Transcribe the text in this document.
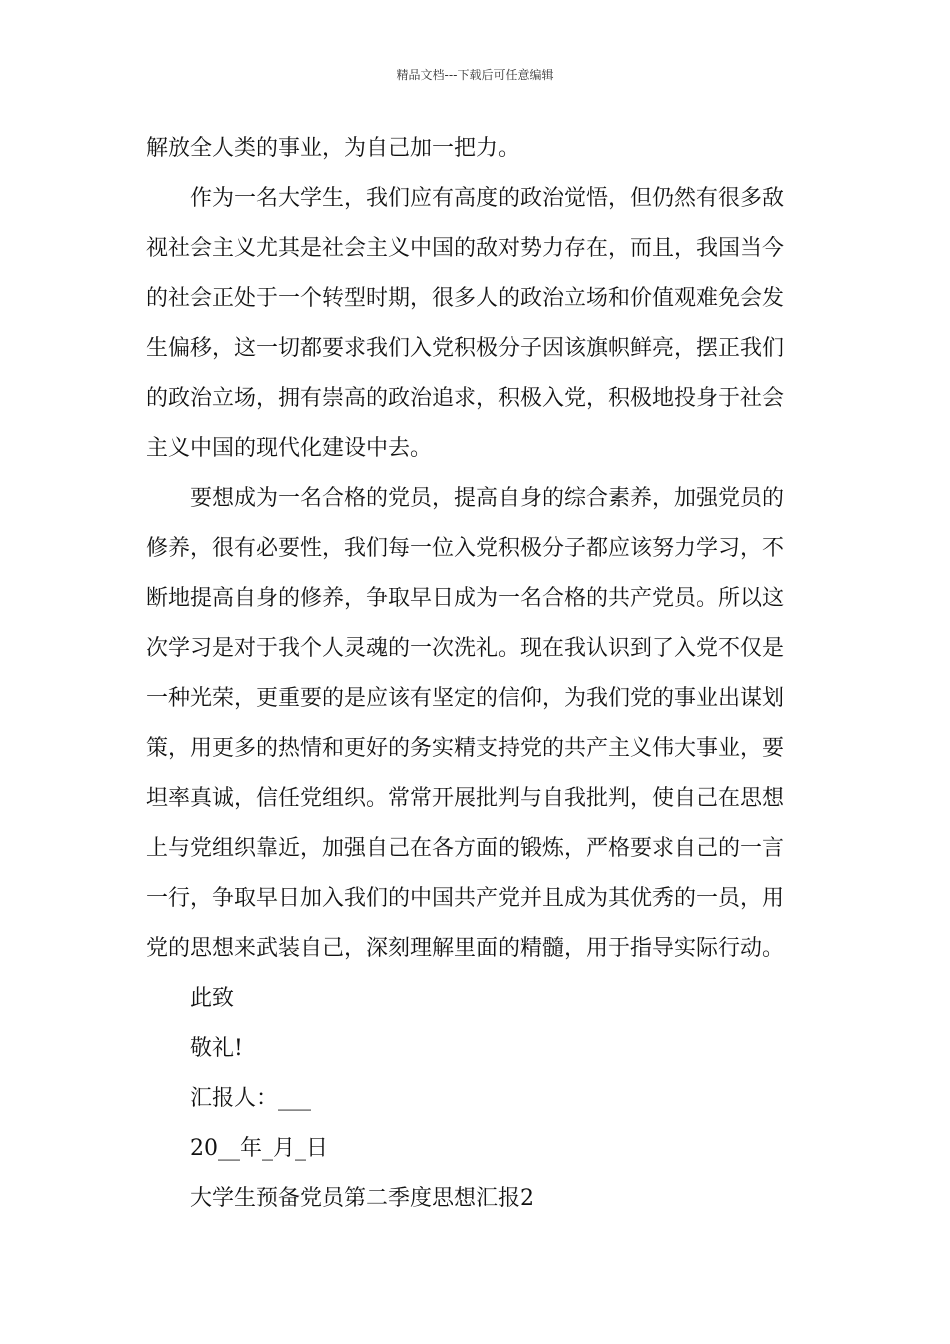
精品文档---下载后可任意编辑
解放全人类的事业，为自己加一把力。
作为一名大学生，我们应有高度的政治觉悟，但仍然有很多敌
视社会主义尤其是社会主义中国的敌对势力存在，而且，我国当今
的社会正处于一个转型时期，很多人的政治立场和价值观难免会发
生偏移，这一切都要求我们入党积极分子因该旗帜鲜亮，摆正我们
的政治立场，拥有崇高的政治追求，积极入党，积极地投身于社会
主义中国的现代化建设中去。
要想成为一名合格的党员，提高自身的综合素养，加强党员的
修养，很有必要性，我们每一位入党积极分子都应该努力学习，不
断地提高自身的修养，争取早日成为一名合格的共产党员。所以这
次学习是对于我个人灵魂的一次洗礼。现在我认识到了入党不仅是
一种光荣，更重要的是应该有坚定的信仰，为我们党的事业出谋划
策，用更多的热情和更好的务实精支持党的共产主义伟大事业，要
坦率真诚，信任党组织。常常开展批判与自我批判，使自己在思想
上与党组织靠近，加强自己在各方面的锻炼，严格要求自己的一言
一行，争取早日加入我们的中国共产党并且成为其优秀的一员，用
党的思想来武装自己，深刻理解里面的精髓，用于指导实际行动。
此致
敬礼!
汇报人：___
20__年_月_日
大学生预备党员第二季度思想汇报2
